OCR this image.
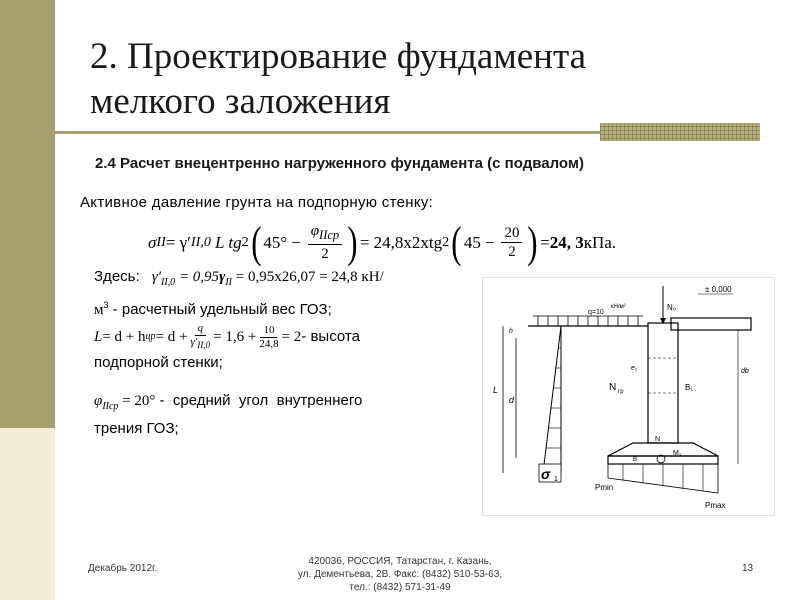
2. Проектирование фундамента
мелкого заложения
2.4 Расчет внецентренно нагруженного фундамента (с подвалом)
Активное давление грунта на подпорную стенку:
σ II = γ′ II,0 L tg 2 ( $45^\circ - \frac{\varphi_{IIcp}}{2}$ ) = 24,8x2xtg 2 ( $45 - \frac{20}{2}$ ) = 24, 3 кПа.
Здесь: $\gamma'_{II,0} = 0,95\gamma_{II} = 0,95x26,07 = 24,8$ кН/
$м^3$ - расчетный удельный вес ГОЗ;
L = d + h цр = $d + \frac{q}{\gamma'_{II,0}} = 1,6 + \frac{10}{24,8} = 2$ - высота
подпорной стенки;
$\varphi_{IIcp} = 20^\circ$ -  средний  угол  внутреннего
трения ГОЗ;
σ 1
L
d
h
± 0,000
q=10
кН/м²	N₀
e₁
N гр	B₁
N
M₁
B
Pmin
Pmax
db
Декабрь 2012г.
420036, РОССИЯ, Татарстан, г. Казань,
ул. Дементьева, 2В. Факс: (8432) 510-53-63,
тел.: (8432) 571-31-49
13
